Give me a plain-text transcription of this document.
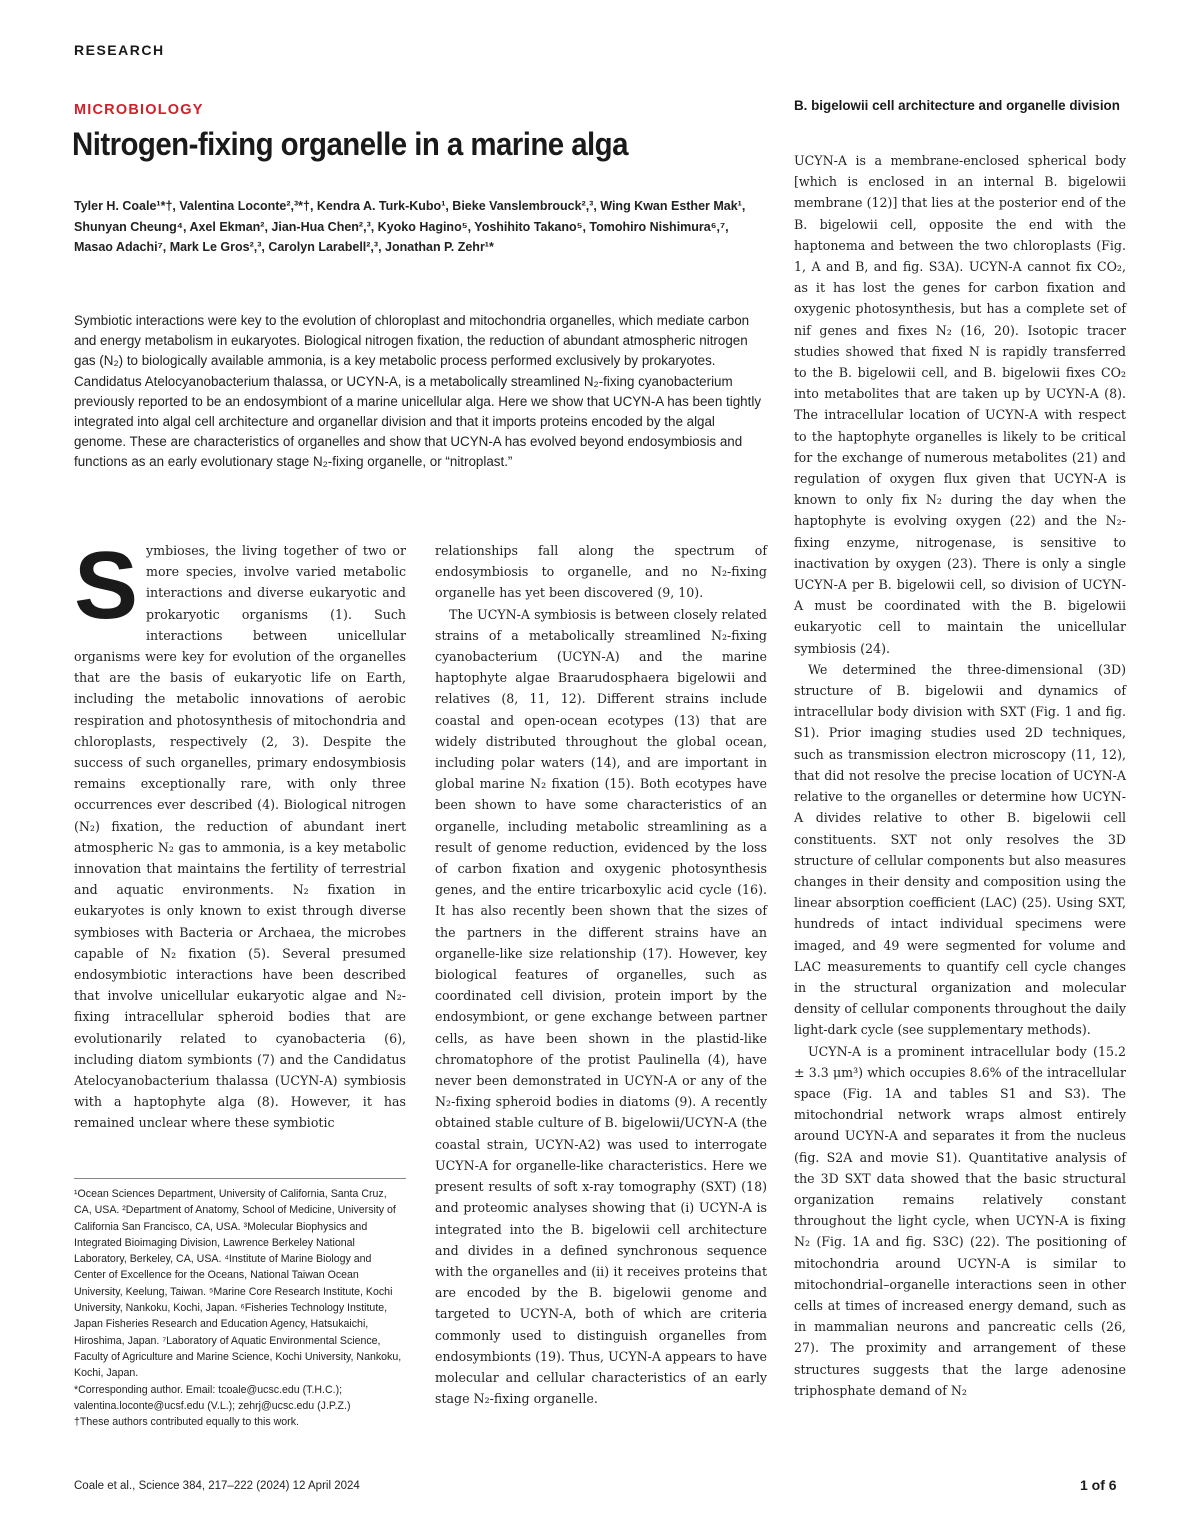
RESEARCH
MICROBIOLOGY
Nitrogen-fixing organelle in a marine alga
Tyler H. Coale¹*†, Valentina Loconte²,³*†, Kendra A. Turk-Kubo¹, Bieke Vanslembrouck²,³, Wing Kwan Esther Mak¹, Shunyan Cheung⁴, Axel Ekman², Jian-Hua Chen²,³, Kyoko Hagino⁵, Yoshihito Takano⁵, Tomohiro Nishimura⁶,⁷, Masao Adachi⁷, Mark Le Gros²,³, Carolyn Larabell²,³, Jonathan P. Zehr¹*
Symbiotic interactions were key to the evolution of chloroplast and mitochondria organelles, which mediate carbon and energy metabolism in eukaryotes. Biological nitrogen fixation, the reduction of abundant atmospheric nitrogen gas (N₂) to biologically available ammonia, is a key metabolic process performed exclusively by prokaryotes. Candidatus Atelocyanobacterium thalassa, or UCYN-A, is a metabolically streamlined N₂-fixing cyanobacterium previously reported to be an endosymbiont of a marine unicellular alga. Here we show that UCYN-A has been tightly integrated into algal cell architecture and organellar division and that it imports proteins encoded by the algal genome. These are characteristics of organelles and show that UCYN-A has evolved beyond endosymbiosis and functions as an early evolutionary stage N₂-fixing organelle, or “nitroplast.”
S ymbioses, the living together of two or more species, involve varied metabolic interactions and diverse eukaryotic and prokaryotic organisms (1). Such interactions between unicellular organisms were key for evolution of the organelles that are the basis of eukaryotic life on Earth, including the metabolic innovations of aerobic respiration and photosynthesis of mitochondria and chloroplasts, respectively (2, 3). Despite the success of such organelles, primary endosymbiosis remains exceptionally rare, with only three occurrences ever described (4). Biological nitrogen (N₂) fixation, the reduction of abundant inert atmospheric N₂ gas to ammonia, is a key metabolic innovation that maintains the fertility of terrestrial and aquatic environments. N₂ fixation in eukaryotes is only known to exist through diverse symbioses with Bacteria or Archaea, the microbes capable of N₂ fixation (5). Several presumed endosymbiotic interactions have been described that involve unicellular eukaryotic algae and N₂-fixing intracellular spheroid bodies that are evolutionarily related to cyanobacteria (6), including diatom symbionts (7) and the Candidatus Atelocyanobacterium thalassa (UCYN-A) symbiosis with a haptophyte alga (8). However, it has remained unclear where these symbiotic

¹Ocean Sciences Department, University of California, Santa Cruz, CA, USA. ²Department of Anatomy, School of Medicine, University of California San Francisco, CA, USA. ³Molecular Biophysics and Integrated Bioimaging Division, Lawrence Berkeley National Laboratory, Berkeley, CA, USA. ⁴Institute of Marine Biology and Center of Excellence for the Oceans, National Taiwan Ocean University, Keelung, Taiwan. ⁵Marine Core Research Institute, Kochi University, Nankoku, Kochi, Japan. ⁶Fisheries Technology Institute, Japan Fisheries Research and Education Agency, Hatsukaichi, Hiroshima, Japan. ⁷Laboratory of Aquatic Environmental Science, Faculty of Agriculture and Marine Science, Kochi University, Nankoku, Kochi, Japan.
*Corresponding author. Email: tcoale@ucsc.edu (T.H.C.); valentina.loconte@ucsf.edu (V.L.); zehrj@ucsc.edu (J.P.Z.)
†These authors contributed equally to this work.

relationships fall along the spectrum of endosymbiosis to organelle, and no N₂-fixing organelle has yet been discovered (9, 10).

The UCYN-A symbiosis is between closely related strains of a metabolically streamlined N₂-fixing cyanobacterium (UCYN-A) and the marine haptophyte algae Braarudosphaera bigelowii and relatives (8, 11, 12). Different strains include coastal and open-ocean ecotypes (13) that are widely distributed throughout the global ocean, including polar waters (14), and are important in global marine N₂ fixation (15). Both ecotypes have been shown to have some characteristics of an organelle, including metabolic streamlining as a result of genome reduction, evidenced by the loss of carbon fixation and oxygenic photosynthesis genes, and the entire tricarboxylic acid cycle (16). It has also recently been shown that the sizes of the partners in the different strains have an organelle-like size relationship (17). However, key biological features of organelles, such as coordinated cell division, protein import by the endosymbiont, or gene exchange between partner cells, as have been shown in the plastid-like chromatophore of the protist Paulinella (4), have never been demonstrated in UCYN-A or any of the N₂-fixing spheroid bodies in diatoms (9). A recently obtained stable culture of B. bigelowii/UCYN-A (the coastal strain, UCYN-A2) was used to interrogate UCYN-A for organelle-like characteristics. Here we present results of soft x-ray tomography (SXT) (18) and proteomic analyses showing that (i) UCYN-A is integrated into the B. bigelowii cell architecture and divides in a defined synchronous sequence with the organelles and (ii) it receives proteins that are encoded by the B. bigelowii genome and targeted to UCYN-A, both of which are criteria commonly used to distinguish organelles from endosymbionts (19). Thus, UCYN-A appears to have molecular and cellular characteristics of an early stage N₂-fixing organelle.

B. bigelowii cell architecture and organelle division

UCYN-A is a membrane-enclosed spherical body [which is enclosed in an internal B. bigelowii membrane (12)] that lies at the posterior end of the B. bigelowii cell, opposite the end with the haptonema and between the two chloroplasts (Fig. 1, A and B, and fig. S3A). UCYN-A cannot fix CO₂, as it has lost the genes for carbon fixation and oxygenic photosynthesis, but has a complete set of nif genes and fixes N₂ (16, 20). Isotopic tracer studies showed that fixed N is rapidly transferred to the B. bigelowii cell, and B. bigelowii fixes CO₂ into metabolites that are taken up by UCYN-A (8). The intracellular location of UCYN-A with respect to the haptophyte organelles is likely to be critical for the exchange of numerous metabolites (21) and regulation of oxygen flux given that UCYN-A is known to only fix N₂ during the day when the haptophyte is evolving oxygen (22) and the N₂-fixing enzyme, nitrogenase, is sensitive to inactivation by oxygen (23). There is only a single UCYN-A per B. bigelowii cell, so division of UCYN-A must be coordinated with the B. bigelowii eukaryotic cell to maintain the unicellular symbiosis (24).

We determined the three-dimensional (3D) structure of B. bigelowii and dynamics of intracellular body division with SXT (Fig. 1 and fig. S1). Prior imaging studies used 2D techniques, such as transmission electron microscopy (11, 12), that did not resolve the precise location of UCYN-A relative to the organelles or determine how UCYN-A divides relative to other B. bigelowii cell constituents. SXT not only resolves the 3D structure of cellular components but also measures changes in their density and composition using the linear absorption coefficient (LAC) (25). Using SXT, hundreds of intact individual specimens were imaged, and 49 were segmented for volume and LAC measurements to quantify cell cycle changes in the structural organization and molecular density of cellular components throughout the daily light-dark cycle (see supplementary methods).

UCYN-A is a prominent intracellular body (15.2 ± 3.3 μm³) which occupies 8.6% of the intracellular space (Fig. 1A and tables S1 and S3). The mitochondrial network wraps almost entirely around UCYN-A and separates it from the nucleus (fig. S2A and movie S1). Quantitative analysis of the 3D SXT data showed that the basic structural organization remains relatively constant throughout the light cycle, when UCYN-A is fixing N₂ (Fig. 1A and fig. S3C) (22). The positioning of mitochondria around UCYN-A is similar to mitochondrial–organelle interactions seen in other cells at times of increased energy demand, such as in mammalian neurons and pancreatic cells (26, 27). The proximity and arrangement of these structures suggests that the large adenosine triphosphate demand of N₂

Coale et al., Science 384, 217–222 (2024) 12 April 2024	1 of 6
